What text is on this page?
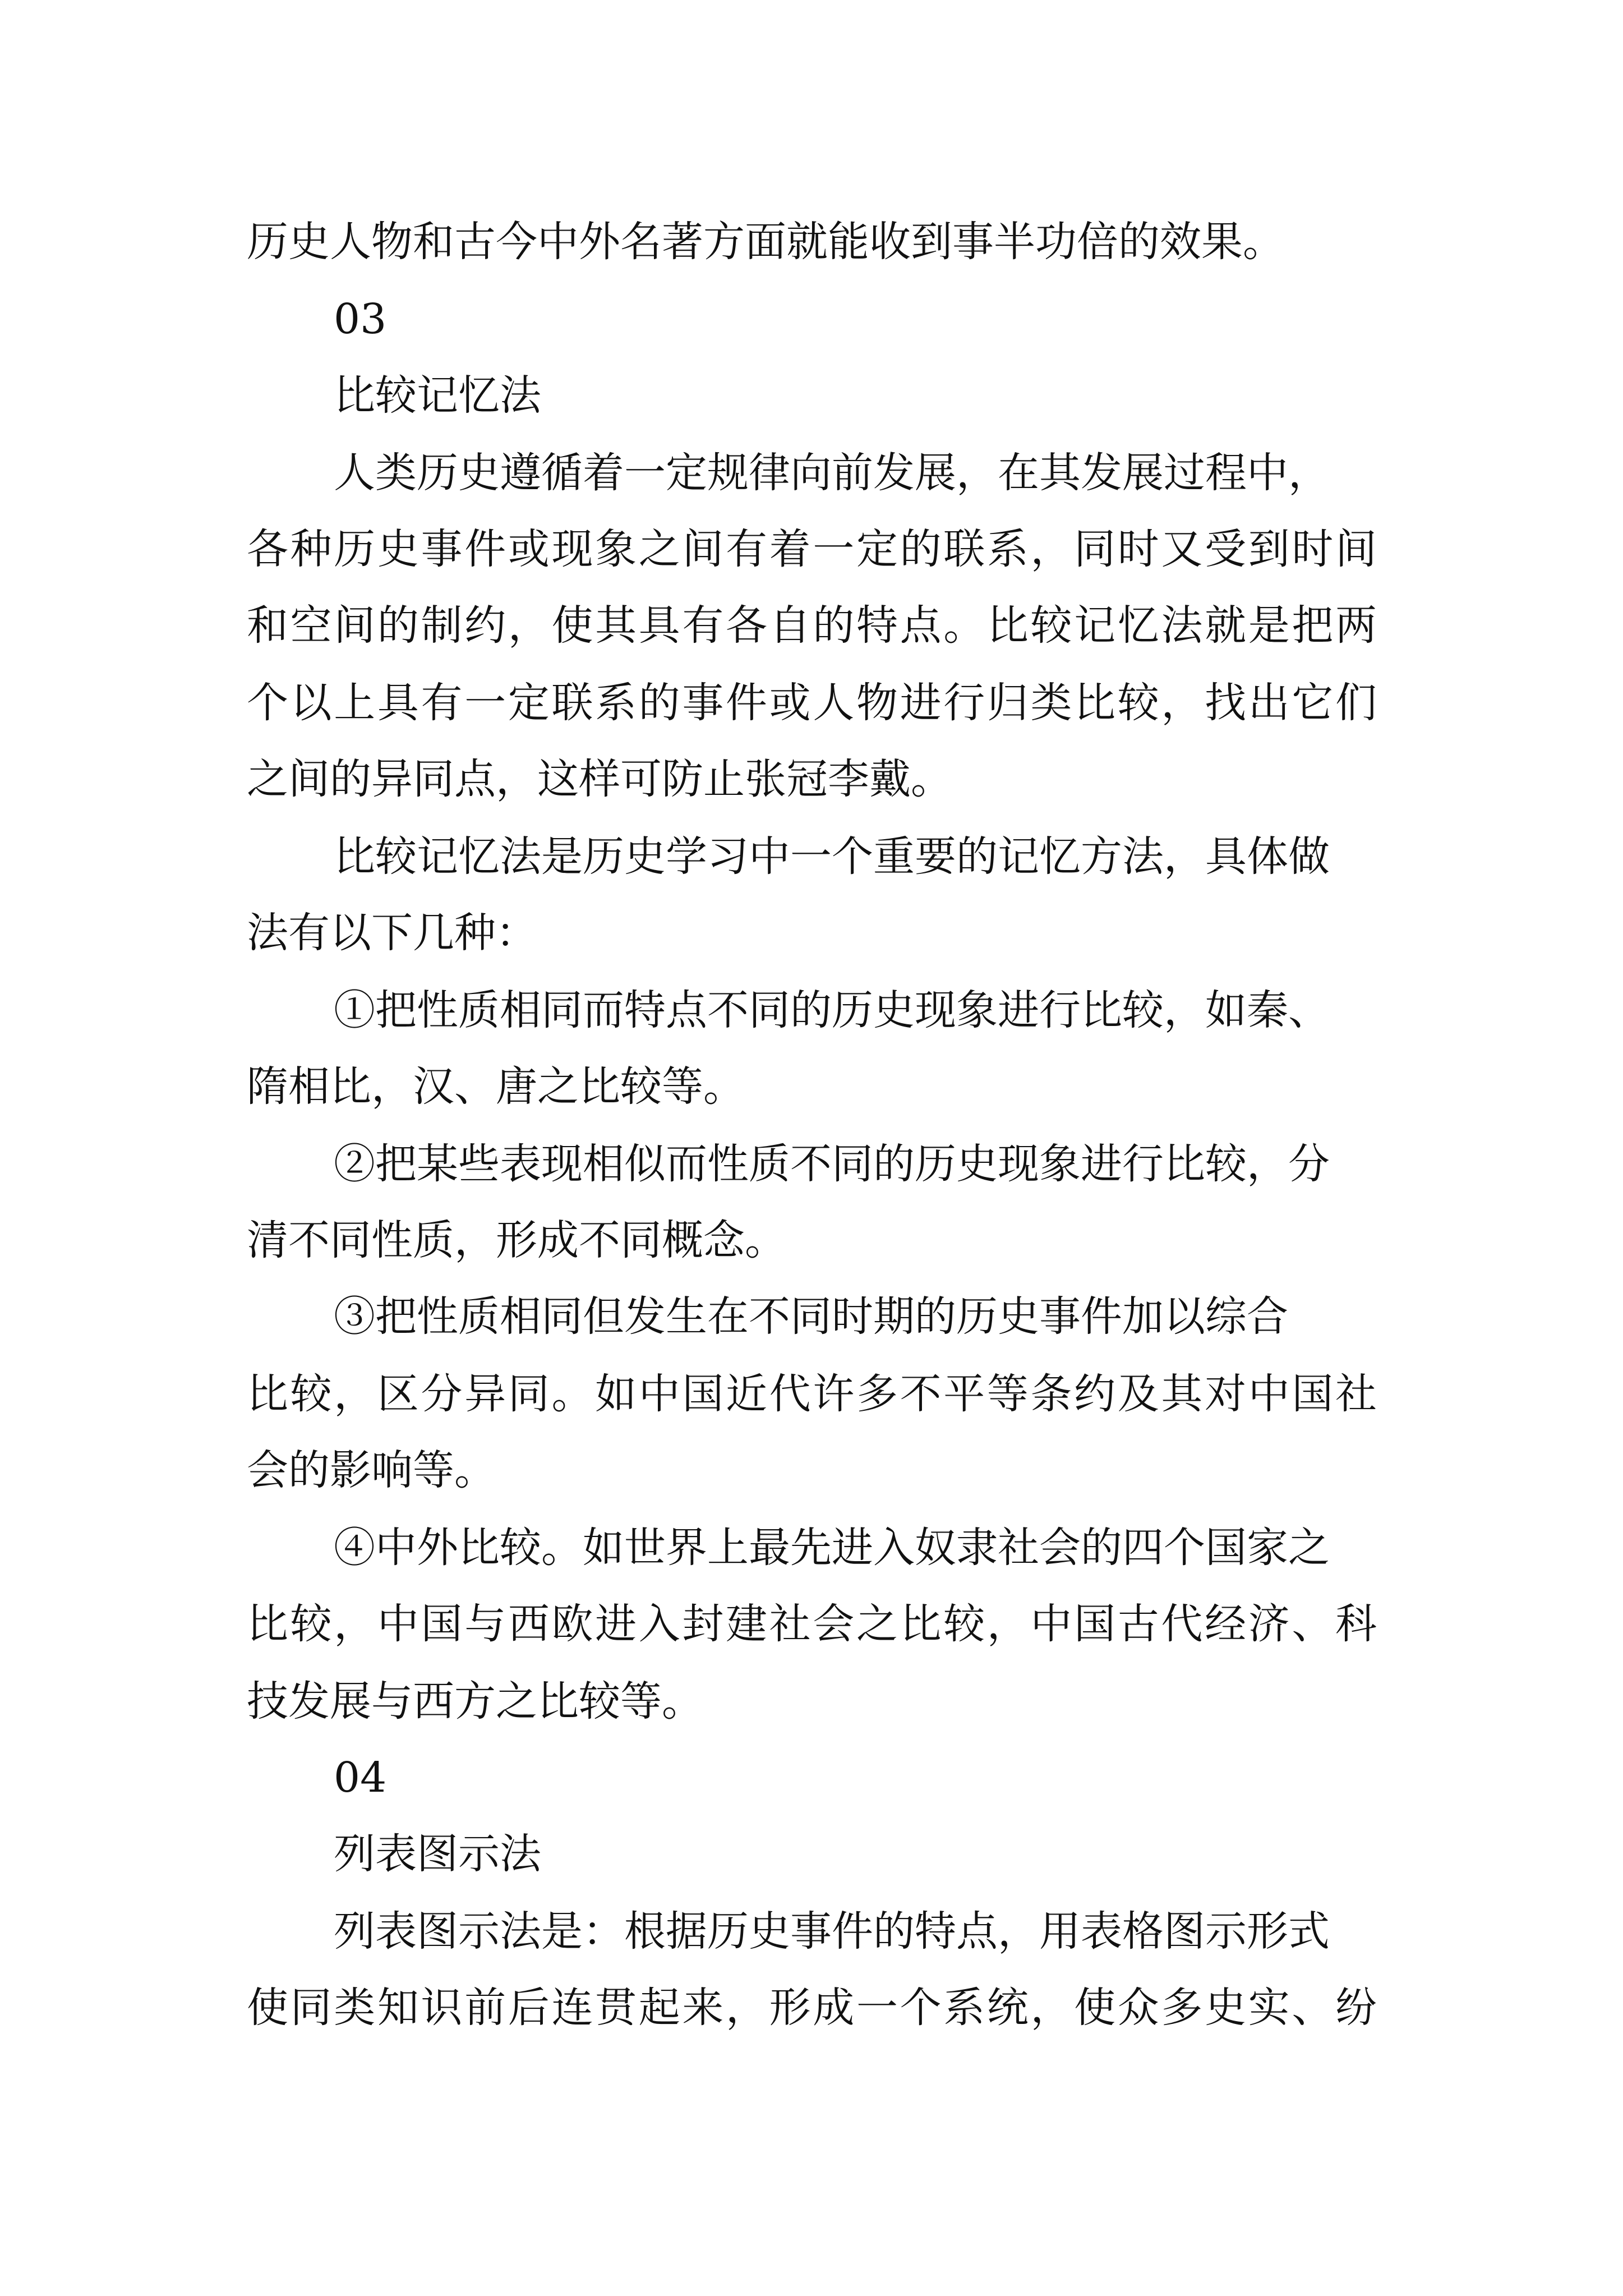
历史人物和古今中外名著方面就能收到事半功倍的效果。
03
比较记忆法
人类历史遵循着一定规律向前发展，在其发展过程中，
各种历史事件或现象之间有着一定的联系，同时又受到时间
和空间的制约，使其具有各自的特点。比较记忆法就是把两
个以上具有一定联系的事件或人物进行归类比较，找出它们
之间的异同点，这样可防止张冠李戴。
比较记忆法是历史学习中一个重要的记忆方法，具体做
法有以下几种：
①把性质相同而特点不同的历史现象进行比较，如秦、
隋相比，汉、唐之比较等。
②把某些表现相似而性质不同的历史现象进行比较，分
清不同性质，形成不同概念。
③把性质相同但发生在不同时期的历史事件加以综合
比较，区分异同。如中国近代许多不平等条约及其对中国社
会的影响等。
④中外比较。如世界上最先进入奴隶社会的四个国家之
比较，中国与西欧进入封建社会之比较，中国古代经济、科
技发展与西方之比较等。
04
列表图示法
列表图示法是：根据历史事件的特点，用表格图示形式
使同类知识前后连贯起来，形成一个系统，使众多史实、纷
